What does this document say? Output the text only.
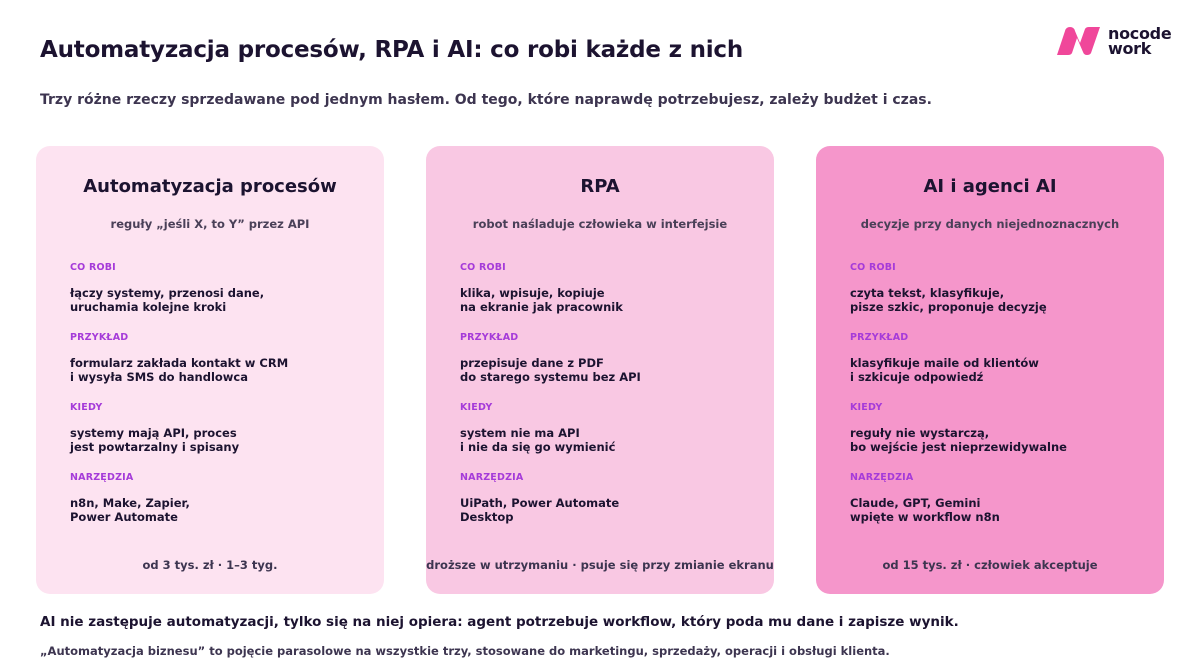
Automatyzacja procesów, RPA i AI: co robi każde z nich
nocode
work
Trzy różne rzeczy sprzedawane pod jednym hasłem. Od tego, które naprawdę potrzebujesz, zależy budżet i czas.
Automatyzacja procesów
reguły „jeśli X, to Y” przez API
CO ROBI
łączy systemy, przenosi dane,
uruchamia kolejne kroki
PRZYKŁAD
formularz zakłada kontakt w CRM
i wysyła SMS do handlowca
KIEDY
systemy mają API, proces
jest powtarzalny i spisany
NARZĘDZIA
n8n, Make, Zapier,
Power Automate
od 3 tys. zł · 1–3 tyg.
RPA
robot naśladuje człowieka w interfejsie
CO ROBI
klika, wpisuje, kopiuje
na ekranie jak pracownik
PRZYKŁAD
przepisuje dane z PDF
do starego systemu bez API
KIEDY
system nie ma API
i nie da się go wymienić
NARZĘDZIA
UiPath, Power Automate
Desktop
droższe w utrzymaniu · psuje się przy zmianie ekranu
AI i agenci AI
decyzje przy danych niejednoznacznych
CO ROBI
czyta tekst, klasyfikuje,
pisze szkic, proponuje decyzję
PRZYKŁAD
klasyfikuje maile od klientów
i szkicuje odpowiedź
KIEDY
reguły nie wystarczą,
bo wejście jest nieprzewidywalne
NARZĘDZIA
Claude, GPT, Gemini
wpięte w workflow n8n
od 15 tys. zł · człowiek akceptuje
AI nie zastępuje automatyzacji, tylko się na niej opiera: agent potrzebuje workflow, który poda mu dane i zapisze wynik.
„Automatyzacja biznesu” to pojęcie parasolowe na wszystkie trzy, stosowane do marketingu, sprzedaży, operacji i obsługi klienta.
